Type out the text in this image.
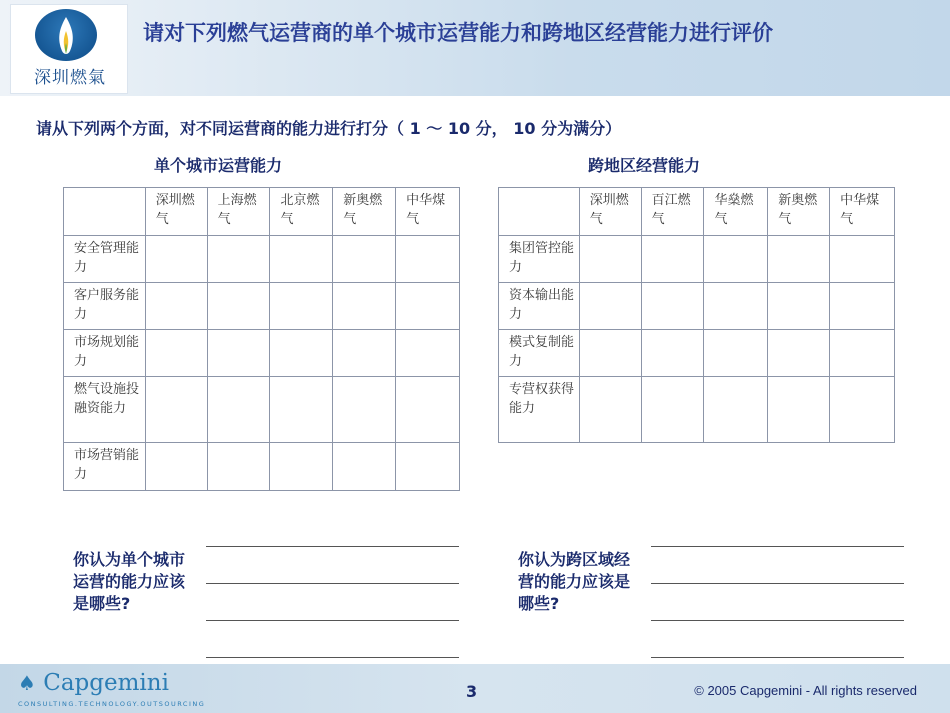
深圳燃氣
请对下列燃气运营商的单个城市运营能力和跨地区经营能力进行评价
请从下列两个方面，对不同运营商的能力进行打分（ 1 ～ 10 分， 10 分为满分）
单个城市运营能力	跨地区经营能力
	深圳燃气	上海燃气	北京燃气	新奥燃气	中华煤气
安全管理能力					
客户服务能力					
市场规划能力					
燃气设施投融资能力					
市场营销能力					
	深圳燃气	百江燃气	华燊燃气	新奥燃气	中华煤气
集团管控能力					
资本输出能力					
模式复制能力					
专营权获得能力					
你认为单个城市运营的能力应该是哪些?
你认为跨区域经营的能力应该是哪些?
♠ Capgemini
CONSULTING.TECHNOLOGY.OUTSOURCING
3	© 2005 Capgemini - All rights reserved
